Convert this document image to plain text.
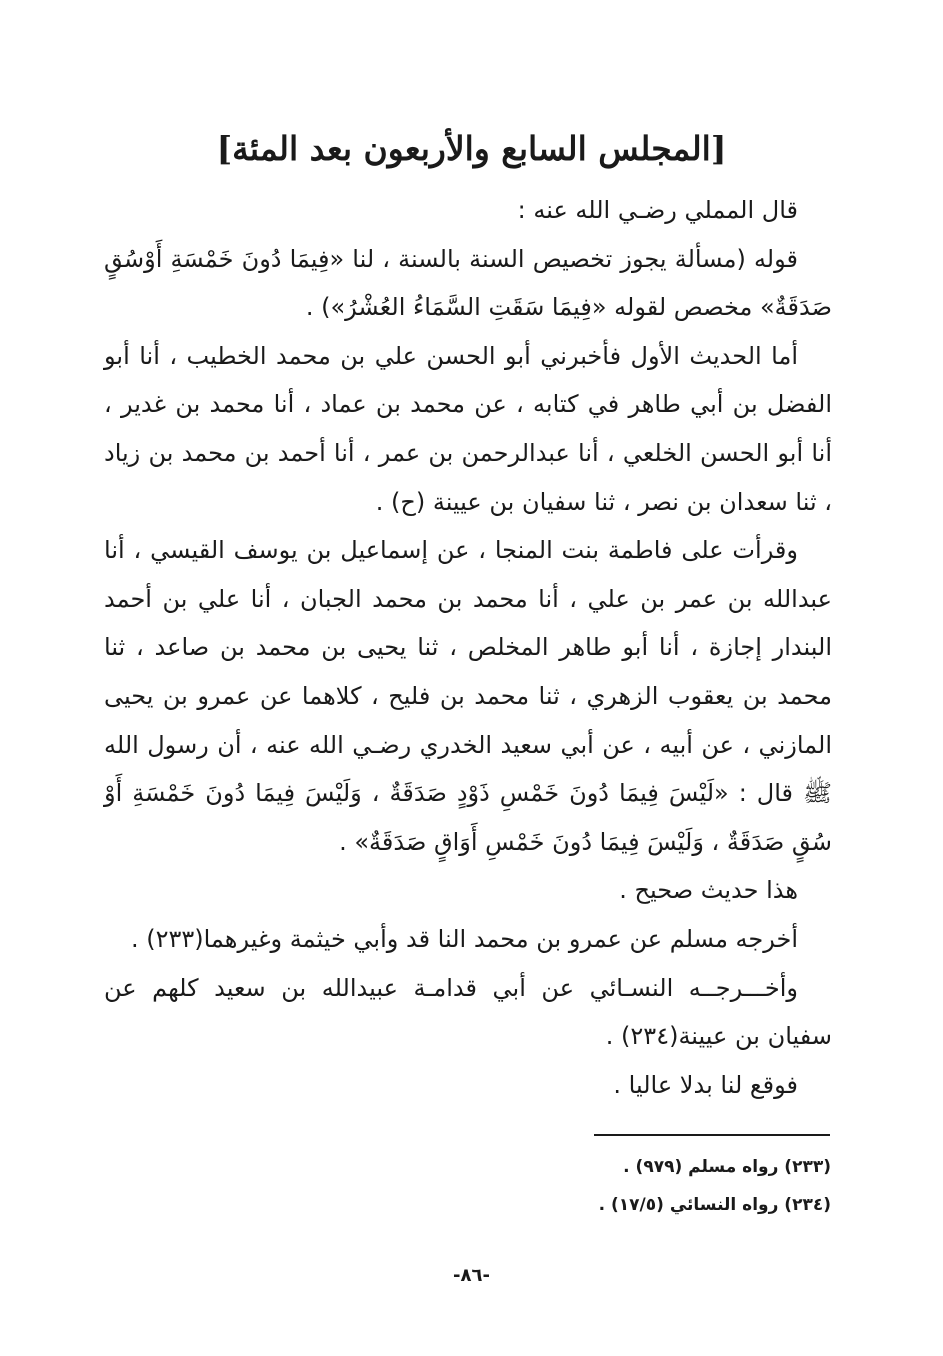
[المجلس السابع والأربعون بعد المئة]

قال المملي رضـي الله عنه :

قوله (مسألة يجوز تخصيص السنة بالسنة ، لنا «فِيمَا دُونَ خَمْسَةِ أَوْسُقٍ صَدَقَةٌ» مخصص لقوله «فِيمَا سَقَتِ السَّمَاءُ العُشْرُ») .

أما الحديث الأول فأخبرني أبو الحسن علي بن محمد الخطيب ، أنا أبو الفضل بن أبي طاهر في كتابه ، عن محمد بن عماد ، أنا محمد بن غدير ، أنا أبو الحسن الخلعي ، أنا عبدالرحمن بن عمر ، أنا أحمد بن محمد بن زياد ، ثنا سعدان بن نصر ، ثنا سفيان بن عيينة (ح) .

وقرأت على فاطمة بنت المنجا ، عن إسماعيل بن يوسف القيسي ، أنا عبدالله بن عمر بن علي ، أنا محمد بن محمد الجبان ، أنا علي بن أحمد البندار إجازة ، أنا أبو طاهر المخلص ، ثنا يحيى بن محمد بن صاعد ، ثنا محمد بن يعقوب الزهري ، ثنا محمد بن فليح ، كلاهما عن عمرو بن يحيى المازني ، عن أبيه ، عن أبي سعيد الخدري رضـي الله عنه ، أن رسول الله ﷺ قال : «لَيْسَ فِيمَا دُونَ خَمْسِ ذَوْدٍ صَدَقَةٌ ، وَلَيْسَ فِيمَا دُونَ خَمْسَةِ أَوْ سُقٍ صَدَقَةٌ ، وَلَيْسَ فِيمَا دُونَ خَمْسِ أَوَاقٍ صَدَقَةٌ» .

هذا حديث صحيح .

أخرجه مسلم عن عمرو بن محمد النا قد وأبي خيثمة وغيرهما(٢٣٣) .

وأخـــرجــه النسـائي عن أبي قدامـة عبيدالله بن سعيد كلهم عن سفيان بن عيينة(٢٣٤) .

فوقع لنا بدلا عاليا .

(٢٣٣) رواه مسلم (٩٧٩) .

(٢٣٤) رواه النسائي (١٧/٥) .

-٨٦-
